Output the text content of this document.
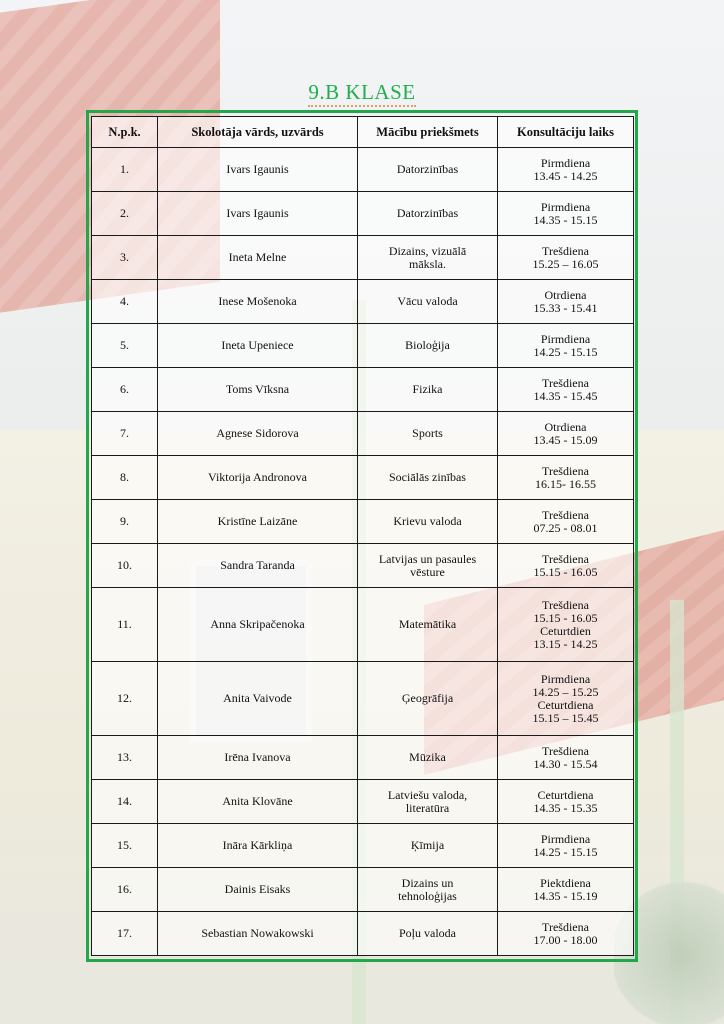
9.B KLASE
N.p.k.	Skolotāja vārds, uzvārds	Mācību priekšmets	Konsultāciju laiks
1.	Ivars Igaunis	Datorzinības	Pirmdiena
13.45 - 14.25

2.	Ivars Igaunis	Datorzinības	Pirmdiena
14.35 - 15.15

3.	Ineta Melne	Dizains, vizuālā
māksla.	Trešdiena
15.25 – 16.05

4.	Inese Mošenoka	Vācu valoda	Otrdiena
15.33 - 15.41

5.	Ineta Upeniece	Bioloģija	Pirmdiena
14.25 - 15.15

6.	Toms Vīksna	Fizika	Trešdiena
14.35 - 15.45

7.	Agnese Sidorova	Sports	Otrdiena
13.45 - 15.09

8.	Viktorija Andronova	Sociālās zinības	Trešdiena
16.15- 16.55

9.	Kristīne Laizāne	Krievu valoda	Trešdiena
07.25 - 08.01

10.	Sandra Taranda	Latvijas un pasaules
vēsture	Trešdiena
15.15 - 16.05

11.	Anna Skripačenoka	Matemātika	Trešdiena
15.15 - 16.05
Ceturtdien
13.15 - 14.25

12.	Anita Vaivode	Ģeogrāfija	Pirmdiena
14.25 – 15.25
Ceturtdiena
15.15 – 15.45

13.	Irēna Ivanova	Mūzika	Trešdiena
14.30 - 15.54

14.	Anita Klovāne	Latviešu valoda,
literatūra	Ceturtdiena
14.35 - 15.35

15.	Ināra Kārkliņa	Ķīmija	Pirmdiena
14.25 - 15.15

16.	Dainis Eisaks	Dizains un
tehnoloģijas	Piektdiena
14.35 - 15.19

17.	Sebastian Nowakowski	Poļu valoda	Trešdiena
17.00 - 18.00
